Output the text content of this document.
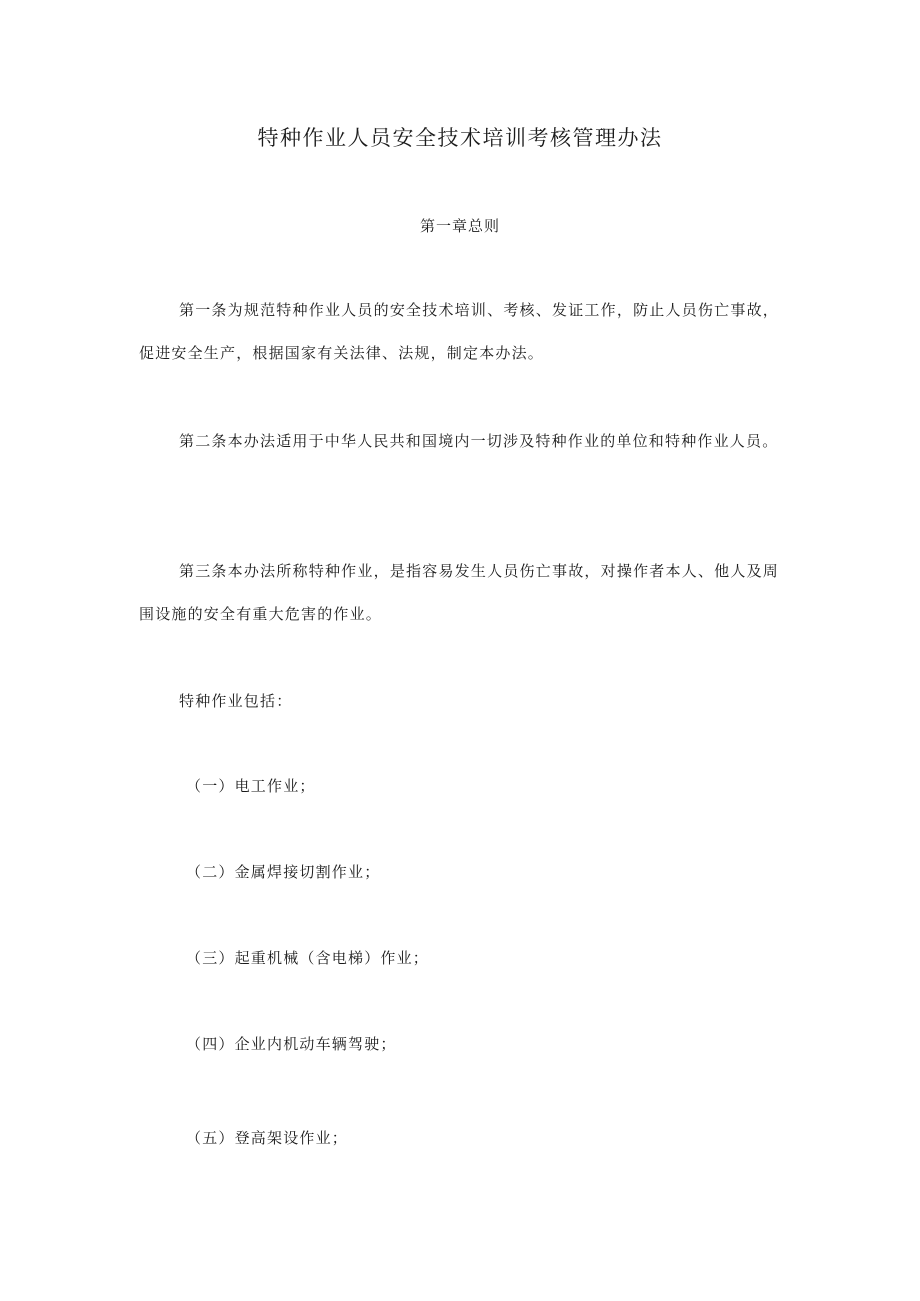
特种作业人员安全技术培训考核管理办法
第一章总则

第一条为规范特种作业人员的安全技术培训、考核、发证工作，防止人员伤亡事故，促进安全生产，根据国家有关法律、法规，制定本办法。

第二条本办法适用于中华人民共和国境内一切涉及特种作业的单位和特种作业人员。

第三条本办法所称特种作业，是指容易发生人员伤亡事故，对操作者本人、他人及周围设施的安全有重大危害的作业。

特种作业包括：

（一）电工作业；

（二）金属焊接切割作业；

（三）起重机械（含电梯）作业；

（四）企业内机动车辆驾驶；

（五）登高架设作业；
